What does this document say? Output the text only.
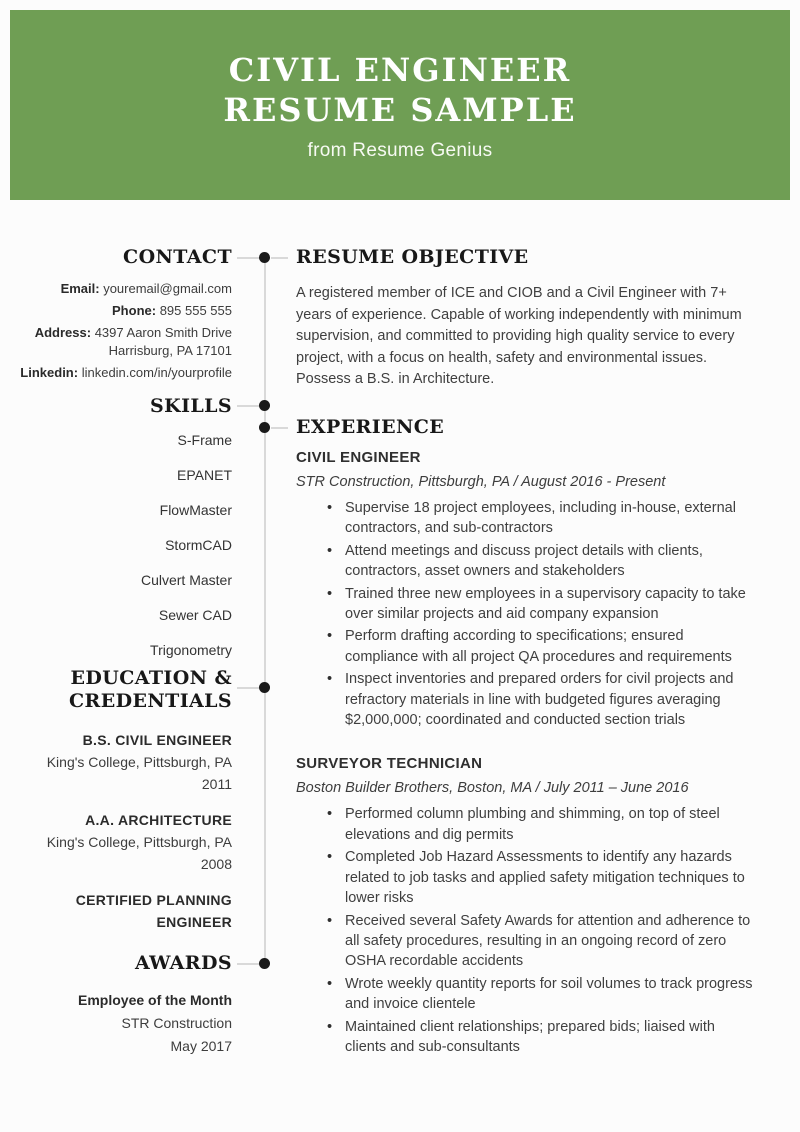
CIVIL ENGINEER
RESUME SAMPLE
from Resume Genius
CONTACT
Email: youremail@gmail.com
Phone: 895 555 555
Address: 4397 Aaron Smith Drive
Harrisburg, PA 17101
Linkedin: linkedin.com/in/yourprofile
SKILLS
S-Frame
EPANET
FlowMaster
StormCAD
Culvert Master
Sewer CAD
Trigonometry
EDUCATION &
CREDENTIALS
B.S. CIVIL ENGINEER
King's College, Pittsburgh, PA
2011
A.A. ARCHITECTURE
King's College, Pittsburgh, PA
2008
CERTIFIED PLANNING ENGINEER
AWARDS
Employee of the Month
STR Construction
May 2017
RESUME OBJECTIVE

A registered member of ICE and CIOB and a Civil Engineer with 7+ years of experience. Capable of working independently with minimum supervision, and committed to providing high quality service to every project, with a focus on health, safety and environmental issues. Possess a B.S. in Architecture.

EXPERIENCE
CIVIL ENGINEER
STR Construction, Pittsburgh, PA / August 2016 - Present
• Supervise 18 project employees, including in-house, external contractors, and sub-contractors
• Attend meetings and discuss project details with clients, contractors, asset owners and stakeholders
• Trained three new employees in a supervisory capacity to take over similar projects and aid company expansion
• Perform drafting according to specifications; ensured compliance with all project QA procedures and requirements
• Inspect inventories and prepared orders for civil projects and refractory materials in line with budgeted figures averaging $2,000,000; coordinated and conducted section trials
SURVEYOR TECHNICIAN
Boston Builder Brothers, Boston, MA / July 2011 – June 2016
• Performed column plumbing and shimming, on top of steel elevations and dig permits
• Completed Job Hazard Assessments to identify any hazards related to job tasks and applied safety mitigation techniques to lower risks
• Received several Safety Awards for attention and adherence to all safety procedures, resulting in an ongoing record of zero OSHA recordable accidents
• Wrote weekly quantity reports for soil volumes to track progress and invoice clientele
• Maintained client relationships; prepared bids; liaised with clients and sub-consultants
